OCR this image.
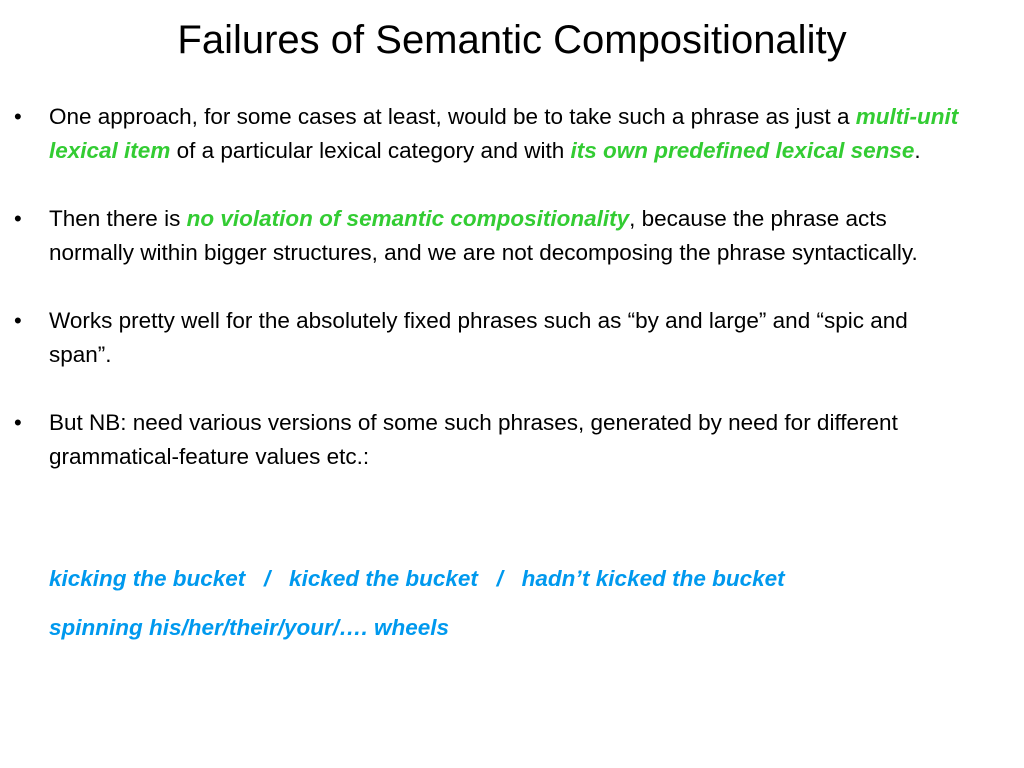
Failures of Semantic Compositionality
•	One approach, for some cases at least, would be to take such a phrase as just a multi-unit lexical item of a particular lexical category and with its own predefined lexical sense.
•	Then there is no violation of semantic compositionality, because the phrase acts normally within bigger structures, and we are not decomposing the phrase syntactically.
•	Works pretty well for the absolutely fixed phrases such as “by and large” and “spic and span”.
•	But NB: need various versions of some such phrases, generated by need for different grammatical-feature values etc.:
kicking the bucket   /   kicked the bucket   /   hadn’t kicked the bucket
spinning his/her/their/your/…. wheels
